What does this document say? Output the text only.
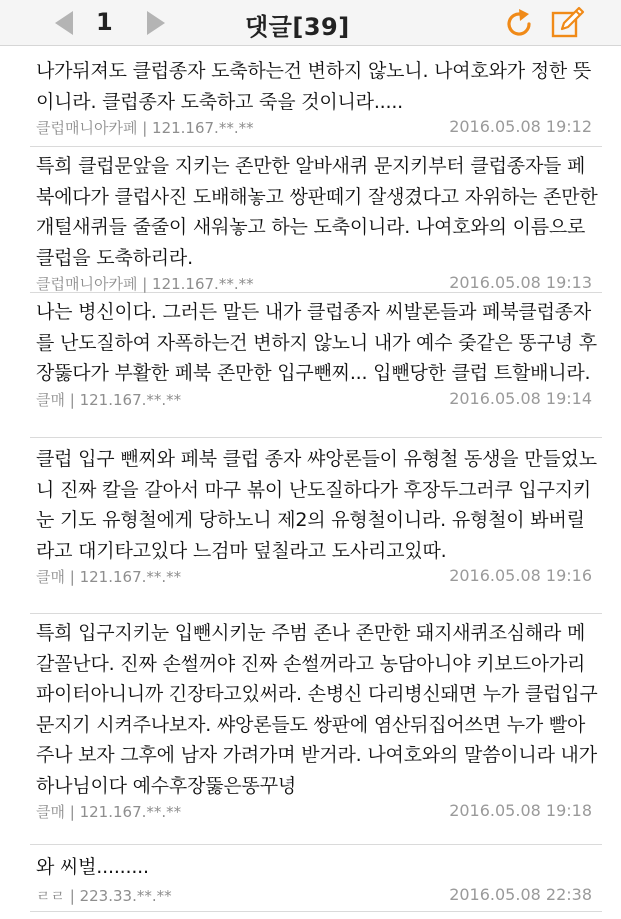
1	댓글[39]

나가뒤져도 클럽종자 도축하는건 변하지 않노니. 나여호와가 정한 뜻이니라. 클럽종자 도축하고 죽을 것이니라.....

클럽매니아카페 | 121.167.**.**	2016.05.08 19:12

특희 클럽문앞을 지키는 존만한 알바새퀴 문지키부터 클럽종자들 페북에다가 클럽사진 도배해놓고 쌍판떼기 잘생겼다고 자위하는 존만한 개털새퀴들 줄줄이 새워놓고 하는 도축이니라. 나여호와의 이름으로 클럽을 도축하리라.

클럽매니아카페 | 121.167.**.**	2016.05.08 19:13

나는 병신이다. 그러든 말든 내가 클럽종자 씨발론들과 페북클럽종자를 난도질하여 자폭하는건 변하지 않노니 내가 예수 줒같은 똥구녕 후장뚫다가 부활한 페북 존만한 입구뺀찌... 입뺀당한 클럽 트할배니라.

클매 | 121.167.**.**	2016.05.08 19:14

클럽 입구 뺀찌와 페북 클럽 종자 쌰앙론들이 유형철 동생을 만들었노니 진짜 칼을 갈아서 마구 볶이 난도질하다가 후장두그러쿠 입구지키눈 기도 유형철에게 당하노니 제2의 유형철이니라. 유형철이 봐버릴라고 대기타고있다 느검마 덮칠라고 도사리고있따.

클매 | 121.167.**.**	2016.05.08 19:16

특희 입구지키눈 입뺀시키눈 주범 존나 존만한 돼지새퀴조심해라 메갈꼴난다. 진짜 손썰꺼야 진짜 손썰꺼라고 농담아니야 키보드아가리파이터아니니까 긴장타고있써라. 손병신 다리병신돼면 누가 클럽입구 문지기 시켜주나보자. 쌰앙론들도 쌍판에 염산뒤집어쓰면 누가 빨아주나 보자 그후에 남자 가려가며 받거라. 나여호와의 말씀이니라 내가 하나님이다 예수후장뚫은똥꾸녕

클매 | 121.167.**.**	2016.05.08 19:18

와 씨벌.........

ㄹㄹ | 223.33.**.**	2016.05.08 22:38
